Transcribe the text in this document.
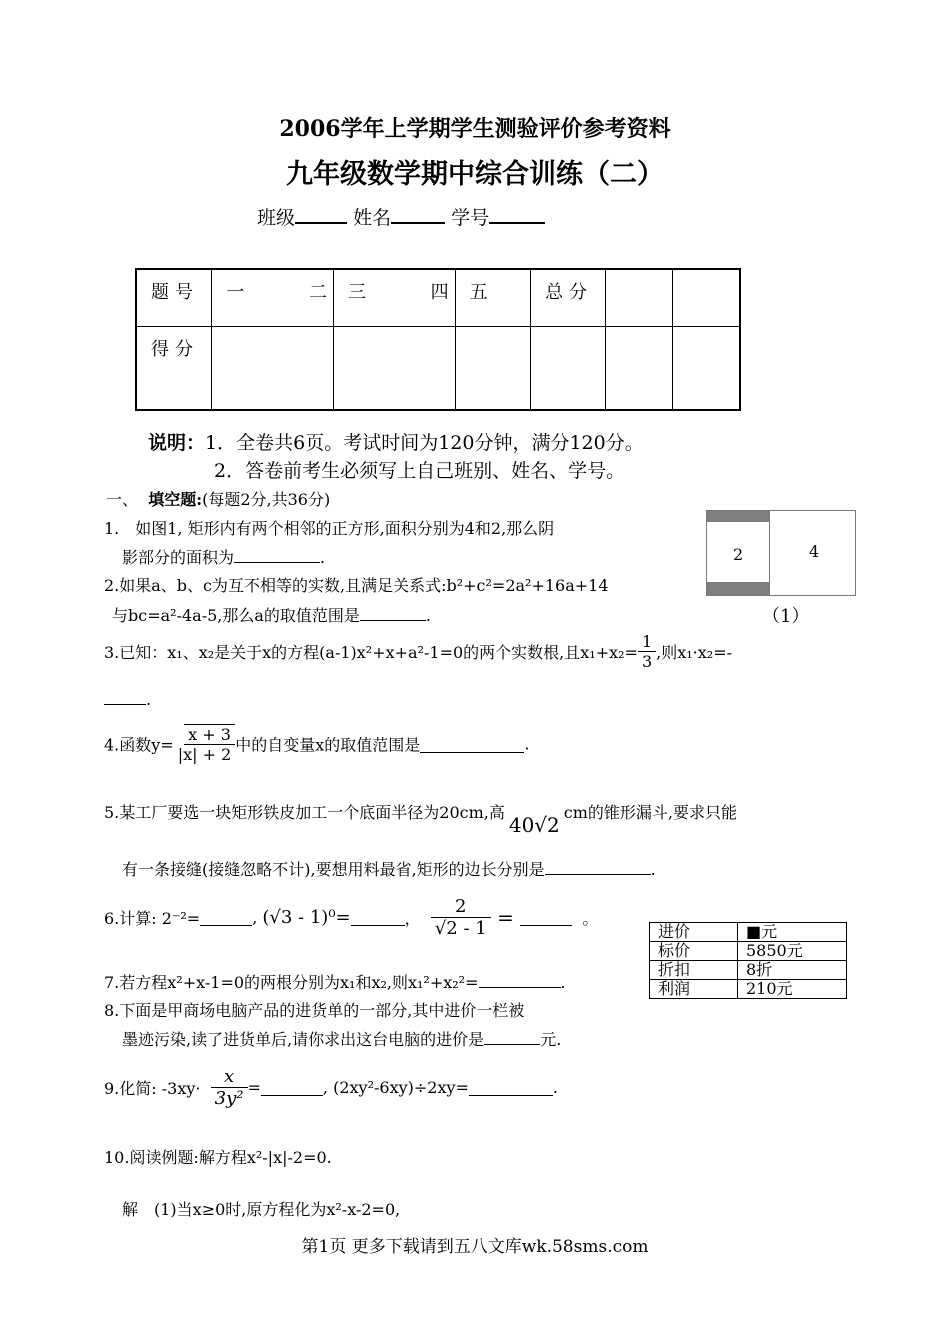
2006学年上学期学生测验评价参考资料
九年级数学期中综合训练（二）
班级	姓名	学号
题号	一 二	三 四	五	总分		
得分						
说明：1．全卷共6页。考试时间为120分钟，满分120分。
2．答卷前考生必须写上自己班别、姓名、学号。
一、 填空题:(每题2分,共36分)
2	4
（1）
1.　如图1, 矩形内有两个相邻的正方形,面积分别为4和2,那么阴
影部分的面积为	.
2.如果a、b、c为互不相等的实数,且满足关系式:b²+c²=2a²+16a+14
与bc=a²-4a-5,那么a的取值范围是	.
3.已知：x₁、x₂是关于x的方程(a-1)x²+x+a²-1=0的两个实数根,且$x_1+x_2= \frac{1}{3}$ ,则x₁·x₂=-
.
4.函数$y= \frac{x + 3}{|x| + 2}$ 中的自变量x的取值范围是	.
5.某工厂要选一块矩形铁皮加工一个底面半径为20cm,高40√2cm的锥形漏斗,要求只能
有一条接缝(接缝忽略不计),要想用料最省,矩形的边长分别是	.
6.计算: 2⁻²=	, (√3 - 1)⁰=	， $\frac{2}{√2 - 1}$ =	。
进价	■元
标价	5850元
折扣	8折
利润	210元
7.若方程x²+x-1=0的两根分别为x₁和x₂,则x₁²+x₂²=	.
8.下面是甲商场电脑产品的进货单的一部分,其中进价一栏被
墨迹污染,读了进货单后,请你求出这台电脑的进价是	元.
9.化简: $-3xy\cdot \frac{x}{\text{3y²}}$ =	, (2xy²-6xy)÷2xy=	.
10.阅读例题:解方程x²-|x|-2=0.
解　(1)当x≥0时,原方程化为x²-x-2=0,
第1页 更多下载请到五八文库wk.58sms.com
